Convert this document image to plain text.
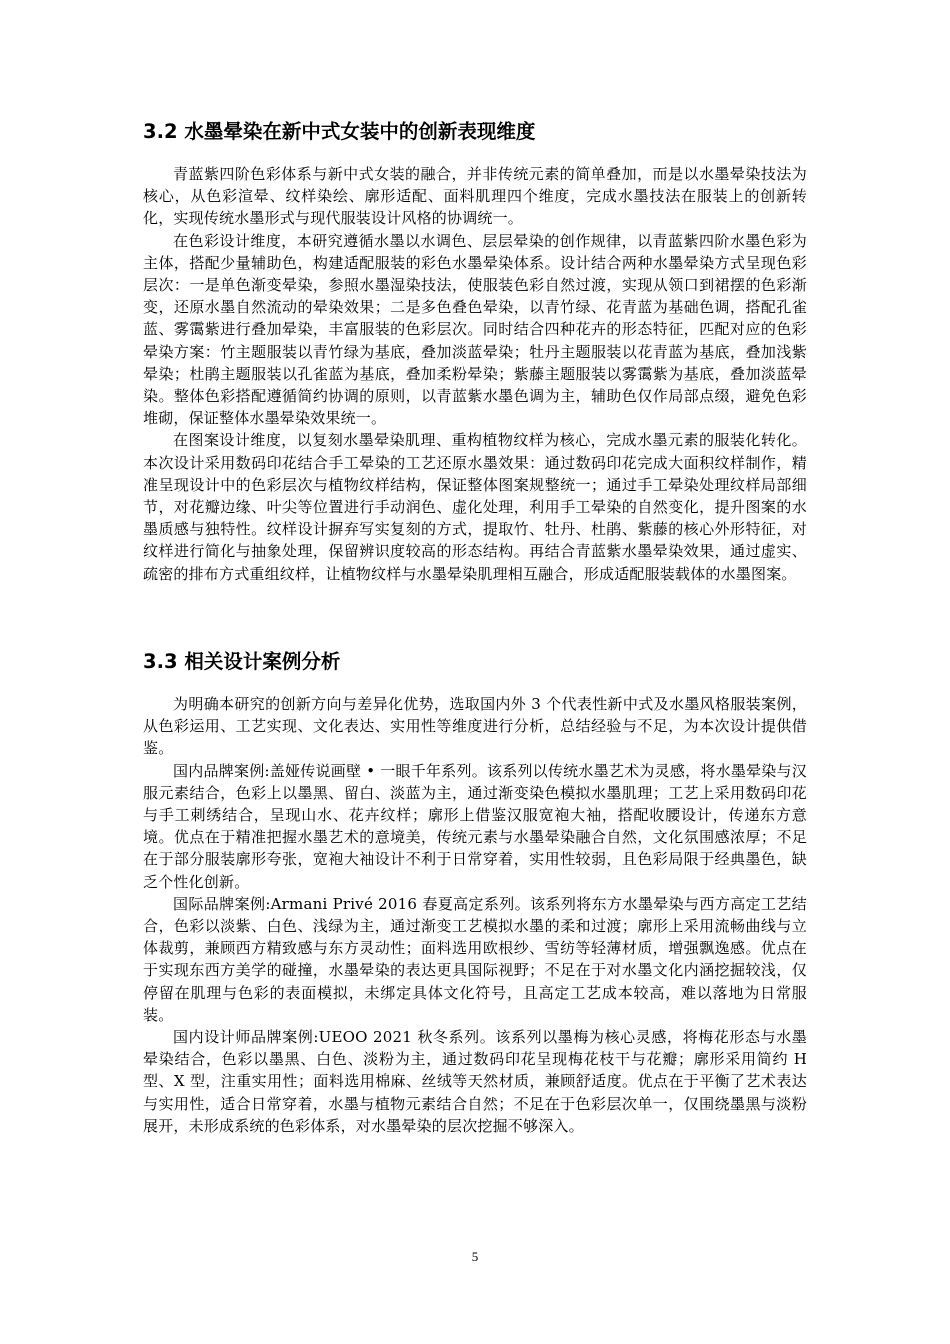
3.2 水墨晕染在新中式女装中的创新表现维度

青蓝紫四阶色彩体系与新中式女装的融合，并非传统元素的简单叠加，而是以水墨晕染技法为核心，从色彩渲晕、纹样染绘、廓形适配、面料肌理四个维度，完成水墨技法在服装上的创新转化，实现传统水墨形式与现代服装设计风格的协调统一。

在色彩设计维度，本研究遵循水墨以水调色、层层晕染的创作规律，以青蓝紫四阶水墨色彩为主体，搭配少量辅助色，构建适配服装的彩色水墨晕染体系。设计结合两种水墨晕染方式呈现色彩层次：一是单色渐变晕染，参照水墨湿染技法，使服装色彩自然过渡，实现从领口到裙摆的色彩渐变，还原水墨自然流动的晕染效果；二是多色叠色晕染，以青竹绿、花青蓝为基础色调，搭配孔雀蓝、雾霭紫进行叠加晕染，丰富服装的色彩层次。同时结合四种花卉的形态特征，匹配对应的色彩晕染方案：竹主题服装以青竹绿为基底，叠加淡蓝晕染；牡丹主题服装以花青蓝为基底，叠加浅紫晕染；杜鹃主题服装以孔雀蓝为基底，叠加柔粉晕染；紫藤主题服装以雾霭紫为基底，叠加淡蓝晕染。整体色彩搭配遵循简约协调的原则，以青蓝紫水墨色调为主，辅助色仅作局部点缀，避免色彩堆砌，保证整体水墨晕染效果统一。

在图案设计维度，以复刻水墨晕染肌理、重构植物纹样为核心，完成水墨元素的服装化转化。本次设计采用数码印花结合手工晕染的工艺还原水墨效果：通过数码印花完成大面积纹样制作，精准呈现设计中的色彩层次与植物纹样结构，保证整体图案规整统一；通过手工晕染处理纹样局部细节，对花瓣边缘、叶尖等位置进行手动润色、虚化处理，利用手工晕染的自然变化，提升图案的水墨质感与独特性。纹样设计摒弃写实复刻的方式，提取竹、牡丹、杜鹃、紫藤的核心外形特征，对纹样进行简化与抽象处理，保留辨识度较高的形态结构。再结合青蓝紫水墨晕染效果，通过虚实、疏密的排布方式重组纹样，让植物纹样与水墨晕染肌理相互融合，形成适配服装载体的水墨图案。

3.3 相关设计案例分析

为明确本研究的创新方向与差异化优势，选取国内外 3 个代表性新中式及水墨风格服装案例，从色彩运用、工艺实现、文化表达、实用性等维度进行分析，总结经验与不足，为本次设计提供借鉴。

国内品牌案例:盖娅传说画壁 • 一眼千年系列。该系列以传统水墨艺术为灵感，将水墨晕染与汉服元素结合，色彩上以墨黑、留白、淡蓝为主，通过渐变染色模拟水墨肌理；工艺上采用数码印花与手工刺绣结合，呈现山水、花卉纹样；廓形上借鉴汉服宽袍大袖，搭配收腰设计，传递东方意境。优点在于精准把握水墨艺术的意境美，传统元素与水墨晕染融合自然，文化氛围感浓厚；不足在于部分服装廓形夸张，宽袍大袖设计不利于日常穿着，实用性较弱，且色彩局限于经典墨色，缺乏个性化创新。

国际品牌案例:Armani Privé 2016 春夏高定系列。该系列将东方水墨晕染与西方高定工艺结合，色彩以淡紫、白色、浅绿为主，通过渐变工艺模拟水墨的柔和过渡；廓形上采用流畅曲线与立体裁剪，兼顾西方精致感与东方灵动性；面料选用欧根纱、雪纺等轻薄材质，增强飘逸感。优点在于实现东西方美学的碰撞，水墨晕染的表达更具国际视野；不足在于对水墨文化内涵挖掘较浅，仅停留在肌理与色彩的表面模拟，未绑定具体文化符号，且高定工艺成本较高，难以落地为日常服装。

国内设计师品牌案例:UEOO 2021 秋冬系列。该系列以墨梅为核心灵感，将梅花形态与水墨晕染结合，色彩以墨黑、白色、淡粉为主，通过数码印花呈现梅花枝干与花瓣；廓形采用简约 H 型、X 型，注重实用性；面料选用棉麻、丝绒等天然材质，兼顾舒适度。优点在于平衡了艺术表达与实用性，适合日常穿着，水墨与植物元素结合自然；不足在于色彩层次单一，仅围绕墨黑与淡粉展开，未形成系统的色彩体系，对水墨晕染的层次挖掘不够深入。

5
